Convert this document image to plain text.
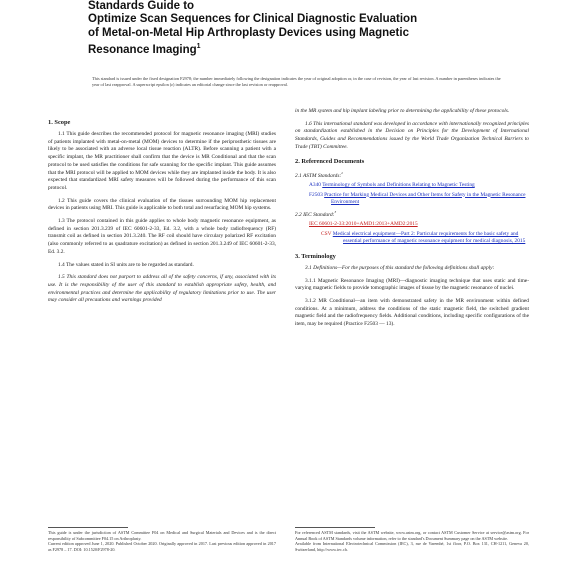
Standards Guide to
Optimize Scan Sequences for Clinical Diagnostic Evaluation
of Metal-on-Metal Hip Arthroplasty Devices using Magnetic
Resonance Imaging$^1$
This standard is issued under the fixed designation F2978; the number immediately following the designation indicates the year of original adoption or, in the case of revision, the year of last revision. A number in parentheses indicates the year of last reapproval. A superscript epsilon (ε) indicates an editorial change since the last revision or reapproval.
1. Scope

1.1 This guide describes the recommended protocol for magnetic resonance imaging (MRI) studies of patients implanted with metal-on-metal (MOM) devices to determine if the periprosthetic tissues are likely to be associated with an adverse local tissue reaction (ALTR). Before scanning a patient with a specific implant, the MR practitioner shall confirm that the device is MR Conditional and that the scan protocol to be used satisfies the conditions for safe scanning for the specific implant. This guide assumes that the MRI protocol will be applied to MOM devices while they are implanted inside the body. It is also expected that standardized MRI safety measures will be followed during the performance of this scan protocol.

1.2 This guide covers the clinical evaluation of the tissues surrounding MOM hip replacement devices in patients using MRI. This guide is applicable to both total and resurfacing MOM hip systems.

1.3 The protocol contained in this guide applies to whole body magnetic resonance equipment, as defined in section 201.3.239 of IEC 60601-2-33, Ed. 3.2, with a whole body radiofrequency (RF) transmit coil as defined in section 201.3.240. The RF coil should have circulary polarized RF excitation (also commonly referred to as quadrature excitation) as defined in section 201.3.249 of IEC 60601-2-33, Ed. 3.2.

1.4 The values stated in SI units are to be regarded as standard.

1.5 This standard does not purport to address all of the safety concerns, if any, associated with its use. It is the responsibility of the user of this standard to establish appropriate safety, health, and environmental practices and determine the applicability of regulatory limitations prior to use. The user may consider all precautions and warnings provided

in the MR system and hip implant labeling prior to determining the applicability of these protocols.

1.6 This international standard was developed in accordance with internationally recognized principles on standardization established in the Decision on Principles for the Development of International Standards, Guides and Recommendations issued by the World Trade Organization Technical Barriers to Trade (TBT) Committee.

2. Referenced Documents
2.1 ASTM Standards:$^2$
A340 Terminology of Symbols and Definitions Relating to Magnetic Testing
F2503 Practice for Marking Medical Devices and Other Items for Safety in the Magnetic Resonance Environment
2.2 IEC Standard:$^3$
IEC 60601-2-33:2010+AMD1:2013+AMD2:2015
CSV Medical electrical equipment—Part 2: Particular requirements for the basic safety and essential performance of magnetic resonance equipment for medical diagnosis, 2015
3. Terminology

3.1 Definitions—For the purposes of this standard the following definitions shall apply:

3.1.1 Magnetic Resonance Imaging (MRI)—diagnostic imaging technique that uses static and time-varying magnetic fields to provide tomographic images of tissue by the magnetic resonance of nuclei.

3.1.2 MR Conditional—an item with demonstrated safety in the MR environment within defined conditions. At a minimum, address the conditions of the static magnetic field, the switched gradient magnetic field and the radiofrequency fields. Additional conditions, including specific configurations of the item, may be required (Practice F2503 — 13).

This guide is under the jurisdiction of ASTM Committee F04 on Medical and Surgical Materials and Devices and is the direct responsibility of Subcommittee F04.15 on Arthroplasty.
Current edition approved June 1, 2020. Published October 2020. Originally approved in 2017. Last previous edition approved in 2017 as F2978 – 17. DOI: 10.1520/F2978-20.
For referenced ASTM standards, visit the ASTM website, www.astm.org, or contact ASTM Customer Service at service@astm.org. For Annual Book of ASTM Standards volume information, refer to the standard's Document Summary page on the ASTM website.
Available from International Electrotechnical Commission (IEC), 3, rue de Varembé, 1st floor, P.O. Box 131, CH-1211, Geneva 20, Switzerland, http://www.iec.ch.
